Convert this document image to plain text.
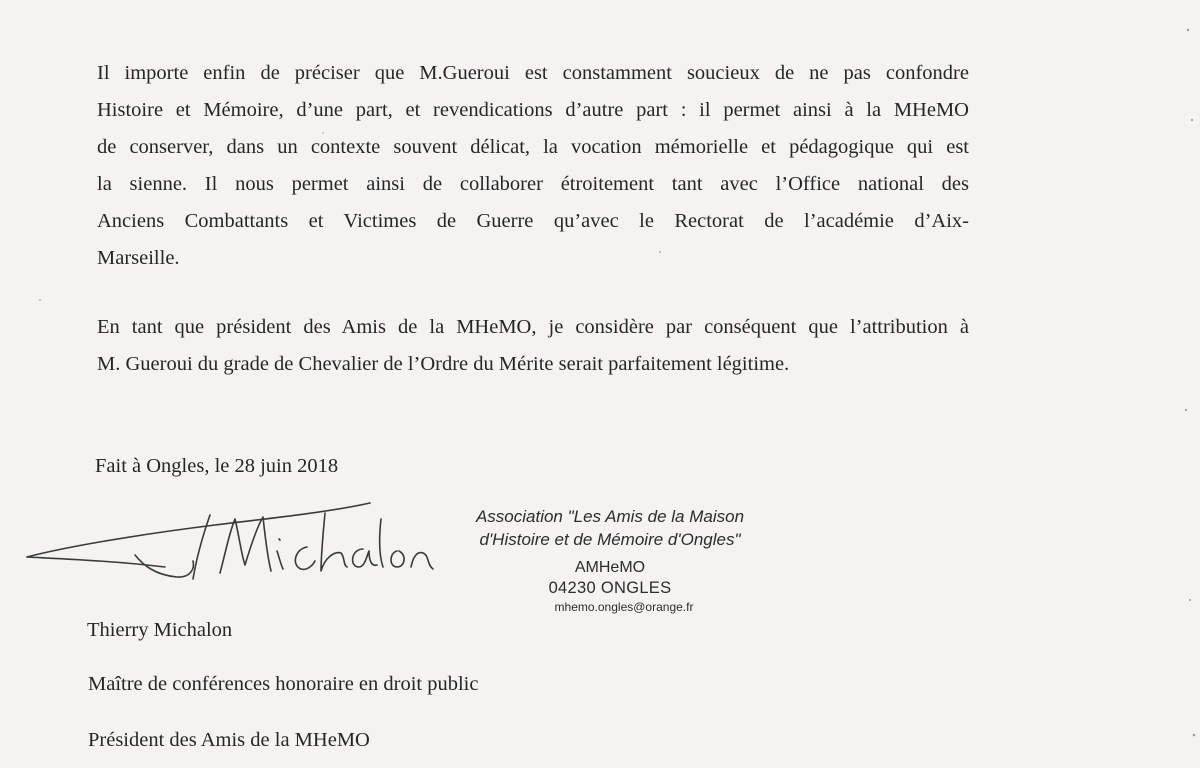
Il importe enfin de préciser que M.Gueroui est constamment soucieux de ne pas confondre
Histoire et Mémoire, d’une part, et revendications d’autre part : il permet ainsi à la MHeMO
de conserver, dans un contexte souvent délicat, la vocation mémorielle et pédagogique qui est
la sienne. Il nous permet ainsi de collaborer étroitement tant avec l’Office national des
Anciens Combattants et Victimes de Guerre qu’avec le Rectorat de l’académie d’Aix-
Marseille.
En tant que président des Amis de la MHeMO, je considère par conséquent que l’attribution à
M. Gueroui du grade de Chevalier de l’Ordre du Mérite serait parfaitement légitime.
Fait à Ongles, le 28 juin 2018
Association "Les Amis de la Maison
d'Histoire et de Mémoire d'Ongles"
AMHeMO
04230 ONGLES
mhemo.ongles@orange.fr
Thierry Michalon
Maître de conférences honoraire en droit public
Président des Amis de la MHeMO
